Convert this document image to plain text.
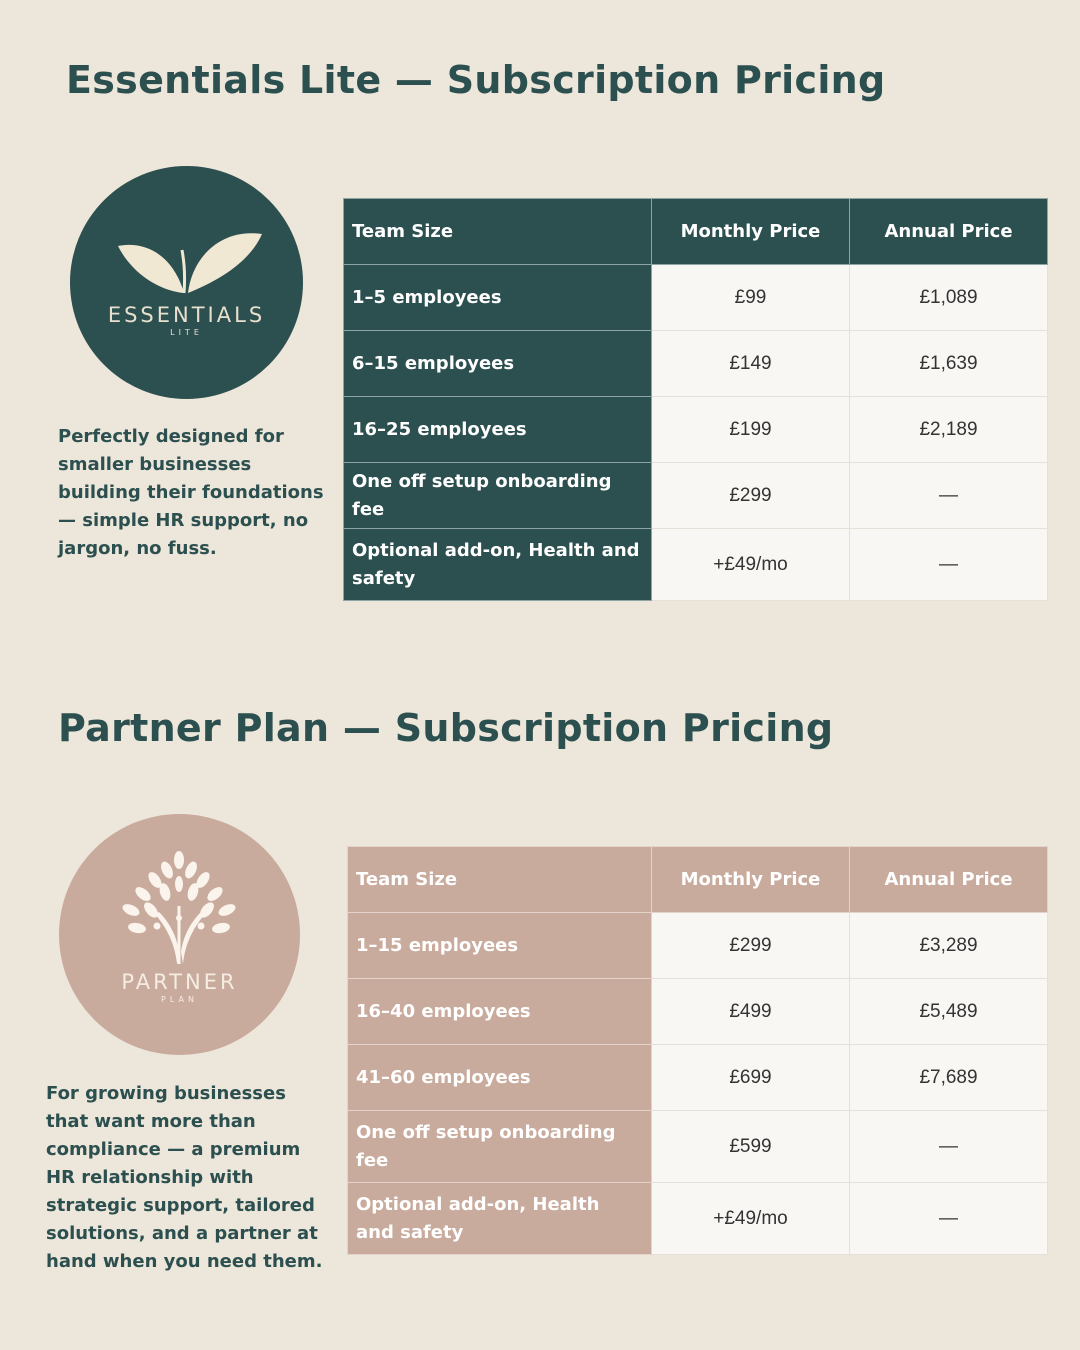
Essentials Lite — Subscription Pricing
ESSENTIALS
LITE

Perfectly designed for smaller businesses building their foundations — simple HR support, no jargon, no fuss.

Team Size	Monthly Price	Annual Price
1–5 employees	£99	£1,089
6–15 employees	£149	£1,639
16–25 employees	£199	£2,189
One off setup onboarding fee	£299	—
Optional add-on, Health and safety	+£49/mo	—
Partner Plan — Subscription Pricing
PARTNER
PLAN

For growing businesses that want more than compliance — a premium HR relationship with strategic support, tailored solutions, and a partner at hand when you need them.

Team Size	Monthly Price	Annual Price
1–15 employees	£299	£3,289
16–40 employees	£499	£5,489
41–60 employees	£699	£7,689
One off setup onboarding fee	£599	—
Optional add-on, Health and safety	+£49/mo	—
